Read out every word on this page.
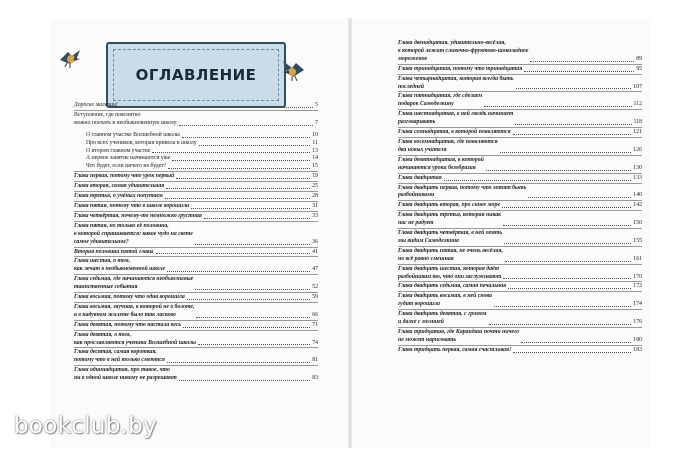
ОГЛАВЛЕНИЕ
Дорогие малыши!	5
Вступление, где пояснятно
можно поехать в необыкновенную школу	7
О главном участке Волшебной школы	10
Про всех учеников, которая привела в школу	11
О втором главном участке	13
А первое занятие начинаются уже	14
Что будет, если ничего не будет?	15
Глава первая, потому что урок первый	19
Глава вторая, самая удивительная	25
Глава третья, о учёных попутаем	28
Глава пятая, потому что в школе ворошила	31
Глава четвёртая, почему-то немножко грустная	33
Глава пятая, но только её половина,
в которой спрашивается: какое чудо на свете
самое удивительное?	36
Вторая половина пятой главы	41
Глава шестая, о том,
как лечат в необыкновенной школе	47
Глава седьмая, где начинаются необъяснимые
таинственные события	52
Глава восьмая, потому что одна ворошила	59
Глава восьмая, звучная, в которой не в болоте,
а в надувном жилете было так ласково	66
Глава девятая, потому что настала весь	71
Глава девятая, о том,
как прославляются ученики Волшебной школы	74
Глава десятая, самая короткая,
потому что в ней только смеются	81
Глава одиннадцатая, про такое, что
ни в одной школе никому не разрешают	83
Глава двенадцатая, удивительно-весёлая,
в которой лежит сливочно-фруктово-шоколадное
мороженое	89
Глава тринадцатая, потому что тринадцатая	95
Глава четырнадцатая, которая всегда быть
последней	107
Глава пятнадцатая, где сделаем
подарок Самоделкину	112
Глава шестнадцатая, в ней гвоздь начинает
разговаривать	118
Глава семнадцатая, в которой появляются	121
Глава восемнадцатая, где появляются
два новых учителя	126
Глава девятнадцатая, в которой
начинаются уроки безобразия	130
Глава двадцатая	133
Глава двадцать первая, потому что хотят быть
разбойниками	140
Глава двадцать вторая, про синее море	142
Глава двадцать третья, которая никак
нас не радует	150
Глава двадцать четвёртая, в ней опять
мы видим Самоделкина	155
Глава двадцать пятая, не очень весёлая,
но всё равно смешная	161
Глава двадцать шестая, которая даёт
разбойникам то, что они заслуживают	170
Глава двадцать седьмая, самая печальная	172
Глава двадцать восьмая, в ней снова
гудит ворошила	174
Глава двадцать девятая, с громом
и даже с молнией	176
Глава тридцатая, где Карандаш почти ничего
не может нарисовать	180
Глава тридцать первая, самая счастливая!	183
bookclub.by
